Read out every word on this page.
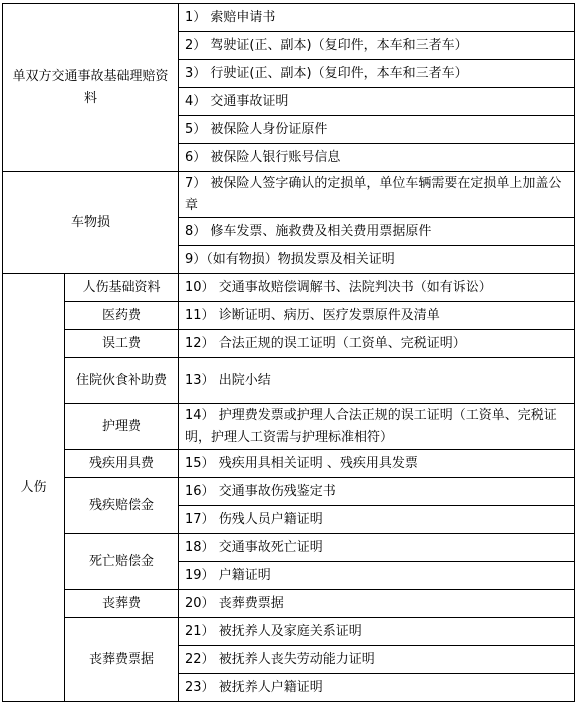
单双方交通事故基础理赔资料		1） 索赔申请书
		2） 驾驶证(正、副本)（复印件，本车和三者车）
		3） 行驶证(正、副本)（复印件，本车和三者车）
		4） 交通事故证明
		5） 被保险人身份证原件
		6） 被保险人银行账号信息
车物损		7） 被保险人签字确认的定损单，单位车辆需要在定损单上加盖公章
		8） 修车发票、施救费及相关费用票据原件
		9）（如有物损）物损发票及相关证明
人伤	人伤基础资料	10） 交通事故赔偿调解书、法院判决书（如有诉讼）
	医药费	11） 诊断证明、病历、医疗发票原件及清单
	误工费	12） 合法正规的误工证明（工资单、完税证明）
	住院伙食补助费	13） 出院小结
	护理费	14） 护理费发票或护理人合法正规的误工证明（工资单、完税证明，护理人工资需与护理标准相符）
	残疾用具费	15） 残疾用具相关证明 、残疾用具发票
	残疾赔偿金	16） 交通事故伤残鉴定书
		17） 伤残人员户籍证明
	死亡赔偿金	18） 交通事故死亡证明
		19） 户籍证明
	丧葬费	20） 丧葬费票据
	丧葬费票据	21） 被抚养人及家庭关系证明
		22） 被抚养人丧失劳动能力证明
		23） 被抚养人户籍证明
